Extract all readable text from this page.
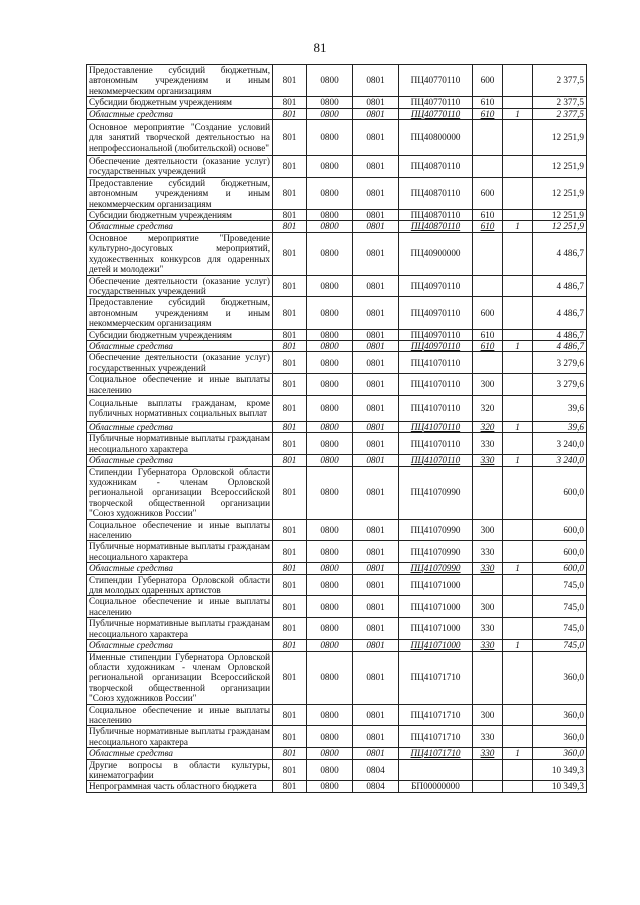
81
Предоставление субсидий бюджетным, автономным учреждениям и иным некоммерческим организациям	801	0800	0801	ПЦ40770110	600		2 377,5
Субсидии бюджетным учреждениям	801	0800	0801	ПЦ40770110	610		2 377,5
Областные средства	801	0800	0801	ПЦ40770110	610	1	2 377,5
Основное мероприятие "Создание условий для занятий творческой деятельностью на непрофессиональной (любительской) основе"	801	0800	0801	ПЦ40800000			12 251,9
Обеспечение деятельности (оказание услуг) государственных учреждений	801	0800	0801	ПЦ40870110			12 251,9
Предоставление субсидий бюджетным, автономным учреждениям и иным некоммерческим организациям	801	0800	0801	ПЦ40870110	600		12 251,9
Субсидии бюджетным учреждениям	801	0800	0801	ПЦ40870110	610		12 251,9
Областные средства	801	0800	0801	ПЦ40870110	610	1	12 251,9
Основное мероприятие "Проведение культурно-досуговых мероприятий, художественных конкурсов для одаренных детей и молодежи"	801	0800	0801	ПЦ40900000			4 486,7
Обеспечение деятельности (оказание услуг) государственных учреждений	801	0800	0801	ПЦ40970110			4 486,7
Предоставление субсидий бюджетным, автономным учреждениям и иным некоммерческим организациям	801	0800	0801	ПЦ40970110	600		4 486,7
Субсидии бюджетным учреждениям	801	0800	0801	ПЦ40970110	610		4 486,7
Областные средства	801	0800	0801	ПЦ40970110	610	1	4 486,7
Обеспечение деятельности (оказание услуг) государственных учреждений	801	0800	0801	ПЦ41070110			3 279,6
Социальное обеспечение и иные выплаты населению	801	0800	0801	ПЦ41070110	300		3 279,6
Социальные выплаты гражданам, кроме публичных нормативных социальных выплат	801	0800	0801	ПЦ41070110	320		39,6
Областные средства	801	0800	0801	ПЦ41070110	320	1	39,6
Публичные нормативные выплаты гражданам несоциального характера	801	0800	0801	ПЦ41070110	330		3 240,0
Областные средства	801	0800	0801	ПЦ41070110	330	1	3 240,0
Стипендии Губернатора Орловской области художникам - членам Орловской региональной организации Всероссийской творческой общественной организации "Союз художников России"	801	0800	0801	ПЦ41070990			600,0
Социальное обеспечение и иные выплаты населению	801	0800	0801	ПЦ41070990	300		600,0
Публичные нормативные выплаты гражданам несоциального характера	801	0800	0801	ПЦ41070990	330		600,0
Областные средства	801	0800	0801	ПЦ41070990	330	1	600,0
Стипендии Губернатора Орловской области для молодых одаренных артистов	801	0800	0801	ПЦ41071000			745,0
Социальное обеспечение и иные выплаты населению	801	0800	0801	ПЦ41071000	300		745,0
Публичные нормативные выплаты гражданам несоциального характера	801	0800	0801	ПЦ41071000	330		745,0
Областные средства	801	0800	0801	ПЦ41071000	330	1	745,0
Именные стипендии Губернатора Орловской области художникам - членам Орловской региональной организации Всероссийской творческой общественной организации "Союз художников России"	801	0800	0801	ПЦ41071710			360,0
Социальное обеспечение и иные выплаты населению	801	0800	0801	ПЦ41071710	300		360,0
Публичные нормативные выплаты гражданам несоциального характера	801	0800	0801	ПЦ41071710	330		360,0
Областные средства	801	0800	0801	ПЦ41071710	330	1	360,0
Другие вопросы в области культуры, кинематографии	801	0800	0804				10 349,3
Непрограммная часть областного бюджета	801	0800	0804	БП00000000			10 349,3
